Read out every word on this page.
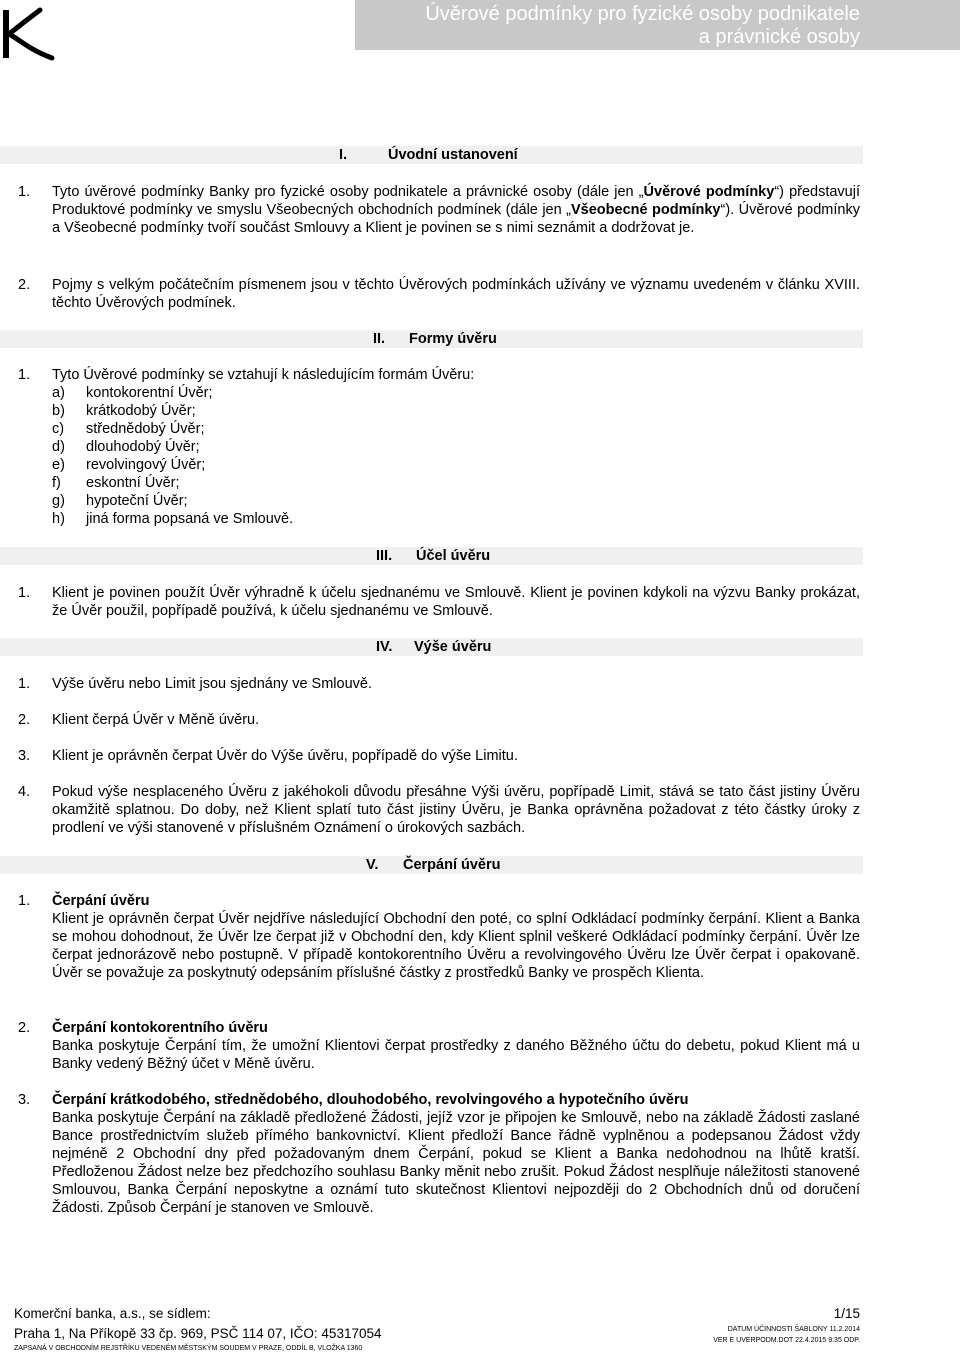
Úvěrové podmínky pro fyzické osoby podnikatele
a právnické osoby
I.	Úvodní ustanovení
1. Tyto úvěrové podmínky Banky pro fyzické osoby podnikatele a právnické osoby (dále jen „Úvěrové podmínky“) představují Produktové podmínky ve smyslu Všeobecných obchodních podmínek (dále jen „Všeobecné podmínky“). Úvěrové podmínky a Všeobecné podmínky tvoří součást Smlouvy a Klient je povinen se s nimi seznámit a dodržovat je.
2. Pojmy s velkým počátečním písmenem jsou v těchto Úvěrových podmínkách užívány ve významu uvedeném v článku XVIII. těchto Úvěrových podmínek.
II. Formy úvěru
1. Tyto Úvěrové podmínky se vztahují k následujícím formám Úvěru:
a)	kontokorentní Úvěr;
b)	krátkodobý Úvěr;
c)	střednědobý Úvěr;
d)	dlouhodobý Úvěr;
e)	revolvingový Úvěr;
f)	eskontní Úvěr;
g)	hypoteční Úvěr;
h)	jiná forma popsaná ve Smlouvě.
III. Účel úvěru
1. Klient je povinen použít Úvěr výhradně k účelu sjednanému ve Smlouvě. Klient je povinen kdykoli na výzvu Banky prokázat, že Úvěr použil, popřípadě používá, k účelu sjednanému ve Smlouvě.
IV. Výše úvěru
1. Výše úvěru nebo Limit jsou sjednány ve Smlouvě.
2. Klient čerpá Úvěr v Měně úvěru.
3. Klient je oprávněn čerpat Úvěr do Výše úvěru, popřípadě do výše Limitu.
4. Pokud výše nesplaceného Úvěru z jakéhokoli důvodu přesáhne Výši úvěru, popřípadě Limit, stává se tato část jistiny Úvěru okamžitě splatnou. Do doby, než Klient splatí tuto část jistiny Úvěru, je Banka oprávněna požadovat z této částky úroky z prodlení ve výši stanovené v příslušném Oznámení o úrokových sazbách.
V. Čerpání úvěru
1. Čerpání úvěru
Klient je oprávněn čerpat Úvěr nejdříve následující Obchodní den poté, co splní Odkládací podmínky čerpání. Klient a Banka se mohou dohodnout, že Úvěr lze čerpat již v Obchodní den, kdy Klient splnil veškeré Odkládací podmínky čerpání. Úvěr lze čerpat jednorázově nebo postupně. V případě kontokorentního Úvěru a revolvingového Úvěru lze Úvěr čerpat i opakovaně. Úvěr se považuje za poskytnutý odepsáním příslušné částky z prostředků Banky ve prospěch Klienta.
2. Čerpání kontokorentního úvěru
Banka poskytuje Čerpání tím, že umožní Klientovi čerpat prostředky z daného Běžného účtu do debetu, pokud Klient má u Banky vedený Běžný účet v Měně úvěru.
3. Čerpání krátkodobého, střednědobého, dlouhodobého, revolvingového a hypotečního úvěru
Banka poskytuje Čerpání na základě předložené Žádosti, jejíž vzor je připojen ke Smlouvě, nebo na základě Žádosti zaslané Bance prostřednictvím služeb přímého bankovnictví. Klient předloží Bance řádně vyplněnou a podepsanou Žádost vždy nejméně 2 Obchodní dny před požadovaným dnem Čerpání, pokud se Klient a Banka nedohodnou na lhůtě kratší. Předloženou Žádost nelze bez předchozího souhlasu Banky měnit nebo zrušit. Pokud Žádost nesplňuje náležitosti stanovené Smlouvou, Banka Čerpání neposkytne a oznámí tuto skutečnost Klientovi nejpozději do 2 Obchodních dnů od doručení Žádosti. Způsob Čerpání je stanoven ve Smlouvě.
Komerční banka, a.s., se sídlem:
Praha 1, Na Příkopě 33 čp. 969, PSČ 114 07, IČO: 45317054
ZAPSANÁ V OBCHODNÍM REJSTŘÍKU VEDENÉM MĚSTSKÝM SOUDEM V PRAZE, ODDÍL B, VLOŽKA 1360
1/15
DATUM ÚČINNOSTI ŠABLONY 11.2.2014
VER E UVERPODM.DOT 22.4.2015 9:35 ODP.
